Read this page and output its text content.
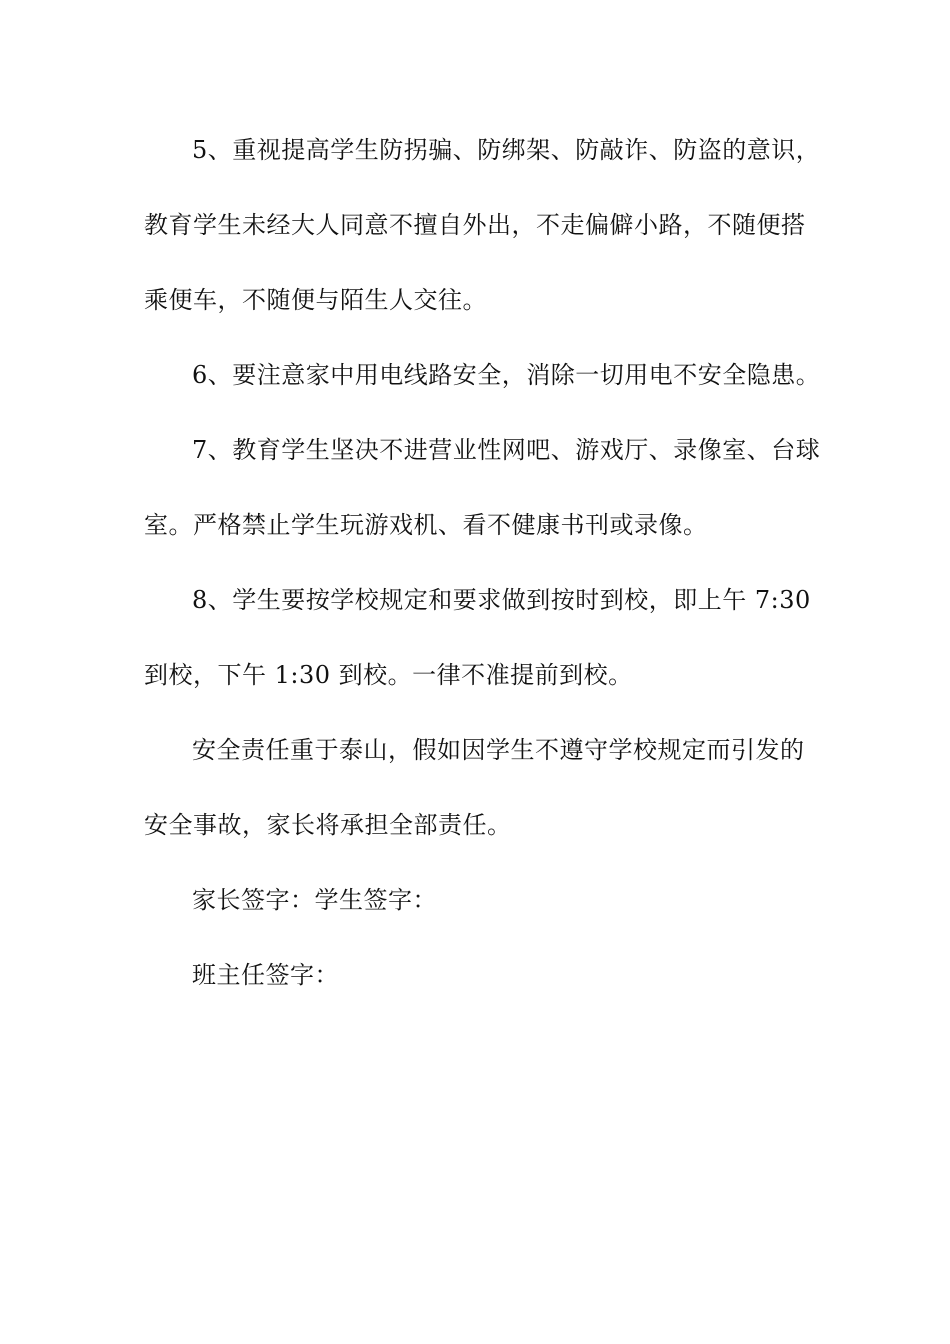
5、重视提高学生防拐骗、防绑架、防敲诈、防盗的意识，
教育学生未经大人同意不擅自外出，不走偏僻小路，不随便搭
乘便车，不随便与陌生人交往。
6、要注意家中用电线路安全，消除一切用电不安全隐患。
7、教育学生坚决不进营业性网吧、游戏厅、录像室、台球
室。严格禁止学生玩游戏机、看不健康书刊或录像。
8、学生要按学校规定和要求做到按时到校，即上午 7:30
到校，下午 1:30 到校。一律不准提前到校。
安全责任重于泰山，假如因学生不遵守学校规定而引发的
安全事故，家长将承担全部责任。
家长签字：学生签字：
班主任签字：
